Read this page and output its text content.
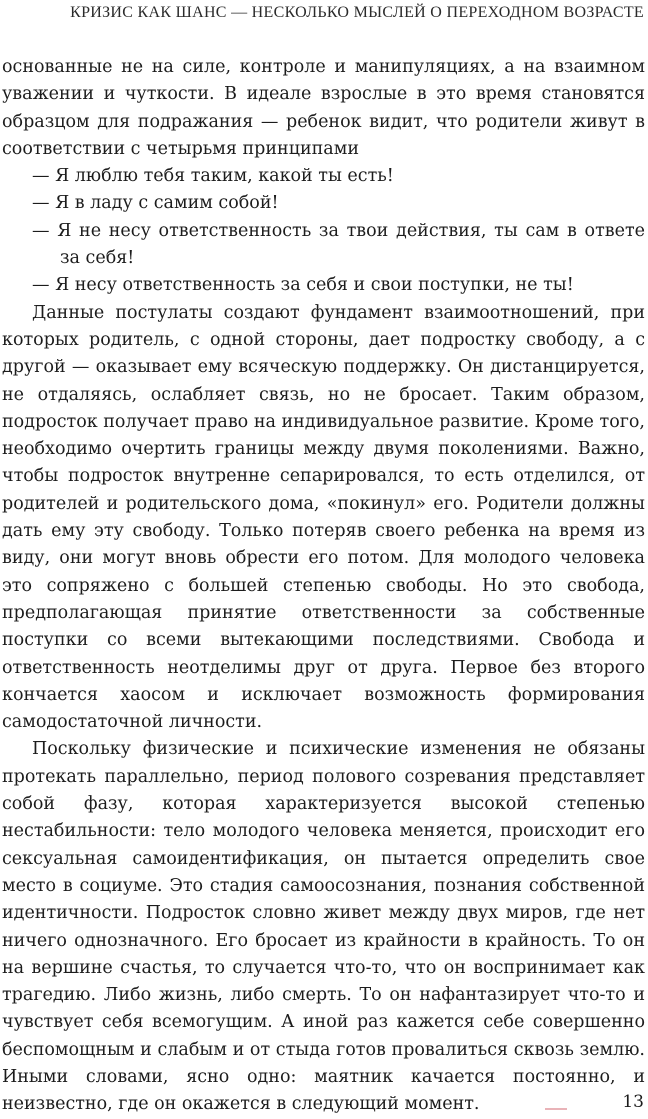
КРИЗИС КАК ШАНС — НЕСКОЛЬКО МЫСЛЕЙ О ПЕРЕХОДНОМ ВОЗРАСТЕ

основанные не на силе, контроле и манипуляциях, а на взаимном уважении и чуткости. В идеале взрослые в это время становятся образцом для подражания — ребенок видит, что родители живут в соответствии с четырьмя принципами

— Я люблю тебя таким, какой ты есть!

— Я в ладу с самим собой!

— Я не несу ответственность за твои действия, ты сам в ответе за себя!

— Я несу ответственность за себя и свои поступки, не ты!

Данные постулаты создают фундамент взаимоотношений, при которых родитель, с одной стороны, дает подростку свободу, а с другой — оказывает ему всяческую поддержку. Он дистанцируется, не отдаляясь, ослабляет связь, но не бросает. Таким образом, подросток получает право на индивидуальное развитие. Кроме того, необходимо очертить границы между двумя поколениями. Важно, чтобы подросток внутренне сепарировался, то есть отделился, от родителей и родительского дома, «покинул» его. Родители должны дать ему эту свободу. Только потеряв своего ребенка на время из виду, они могут вновь обрести его потом. Для молодого человека это сопряжено с большей степенью свободы. Но это свобода, предполагающая принятие ответственности за собственные поступки со всеми вытекающими последствиями. Свобода и ответственность неотделимы друг от друга. Первое без второго кончается хаосом и исключает возможность формирования самодостаточной личности.

Поскольку физические и психические изменения не обязаны протекать параллельно, период полового созревания представляет собой фазу, которая характеризуется высокой степенью нестабильности: тело молодого человека меняется, происходит его сексуальная самоидентификация, он пытается определить свое место в социуме. Это стадия самоосознания, познания собственной идентичности. Подросток словно живет между двух миров, где нет ничего однозначного. Его бросает из крайности в крайность. То он на вершине счастья, то случается что-то, что он воспринимает как трагедию. Либо жизнь, либо смерть. То он нафантазирует что-то и чувствует себя всемогущим. А иной раз кажется себе совершенно беспомощным и слабым и от стыда готов провалиться сквозь землю. Иными словами, ясно одно: маятник качается постоянно, и неизвестно, где он окажется в следующий момент.	13
